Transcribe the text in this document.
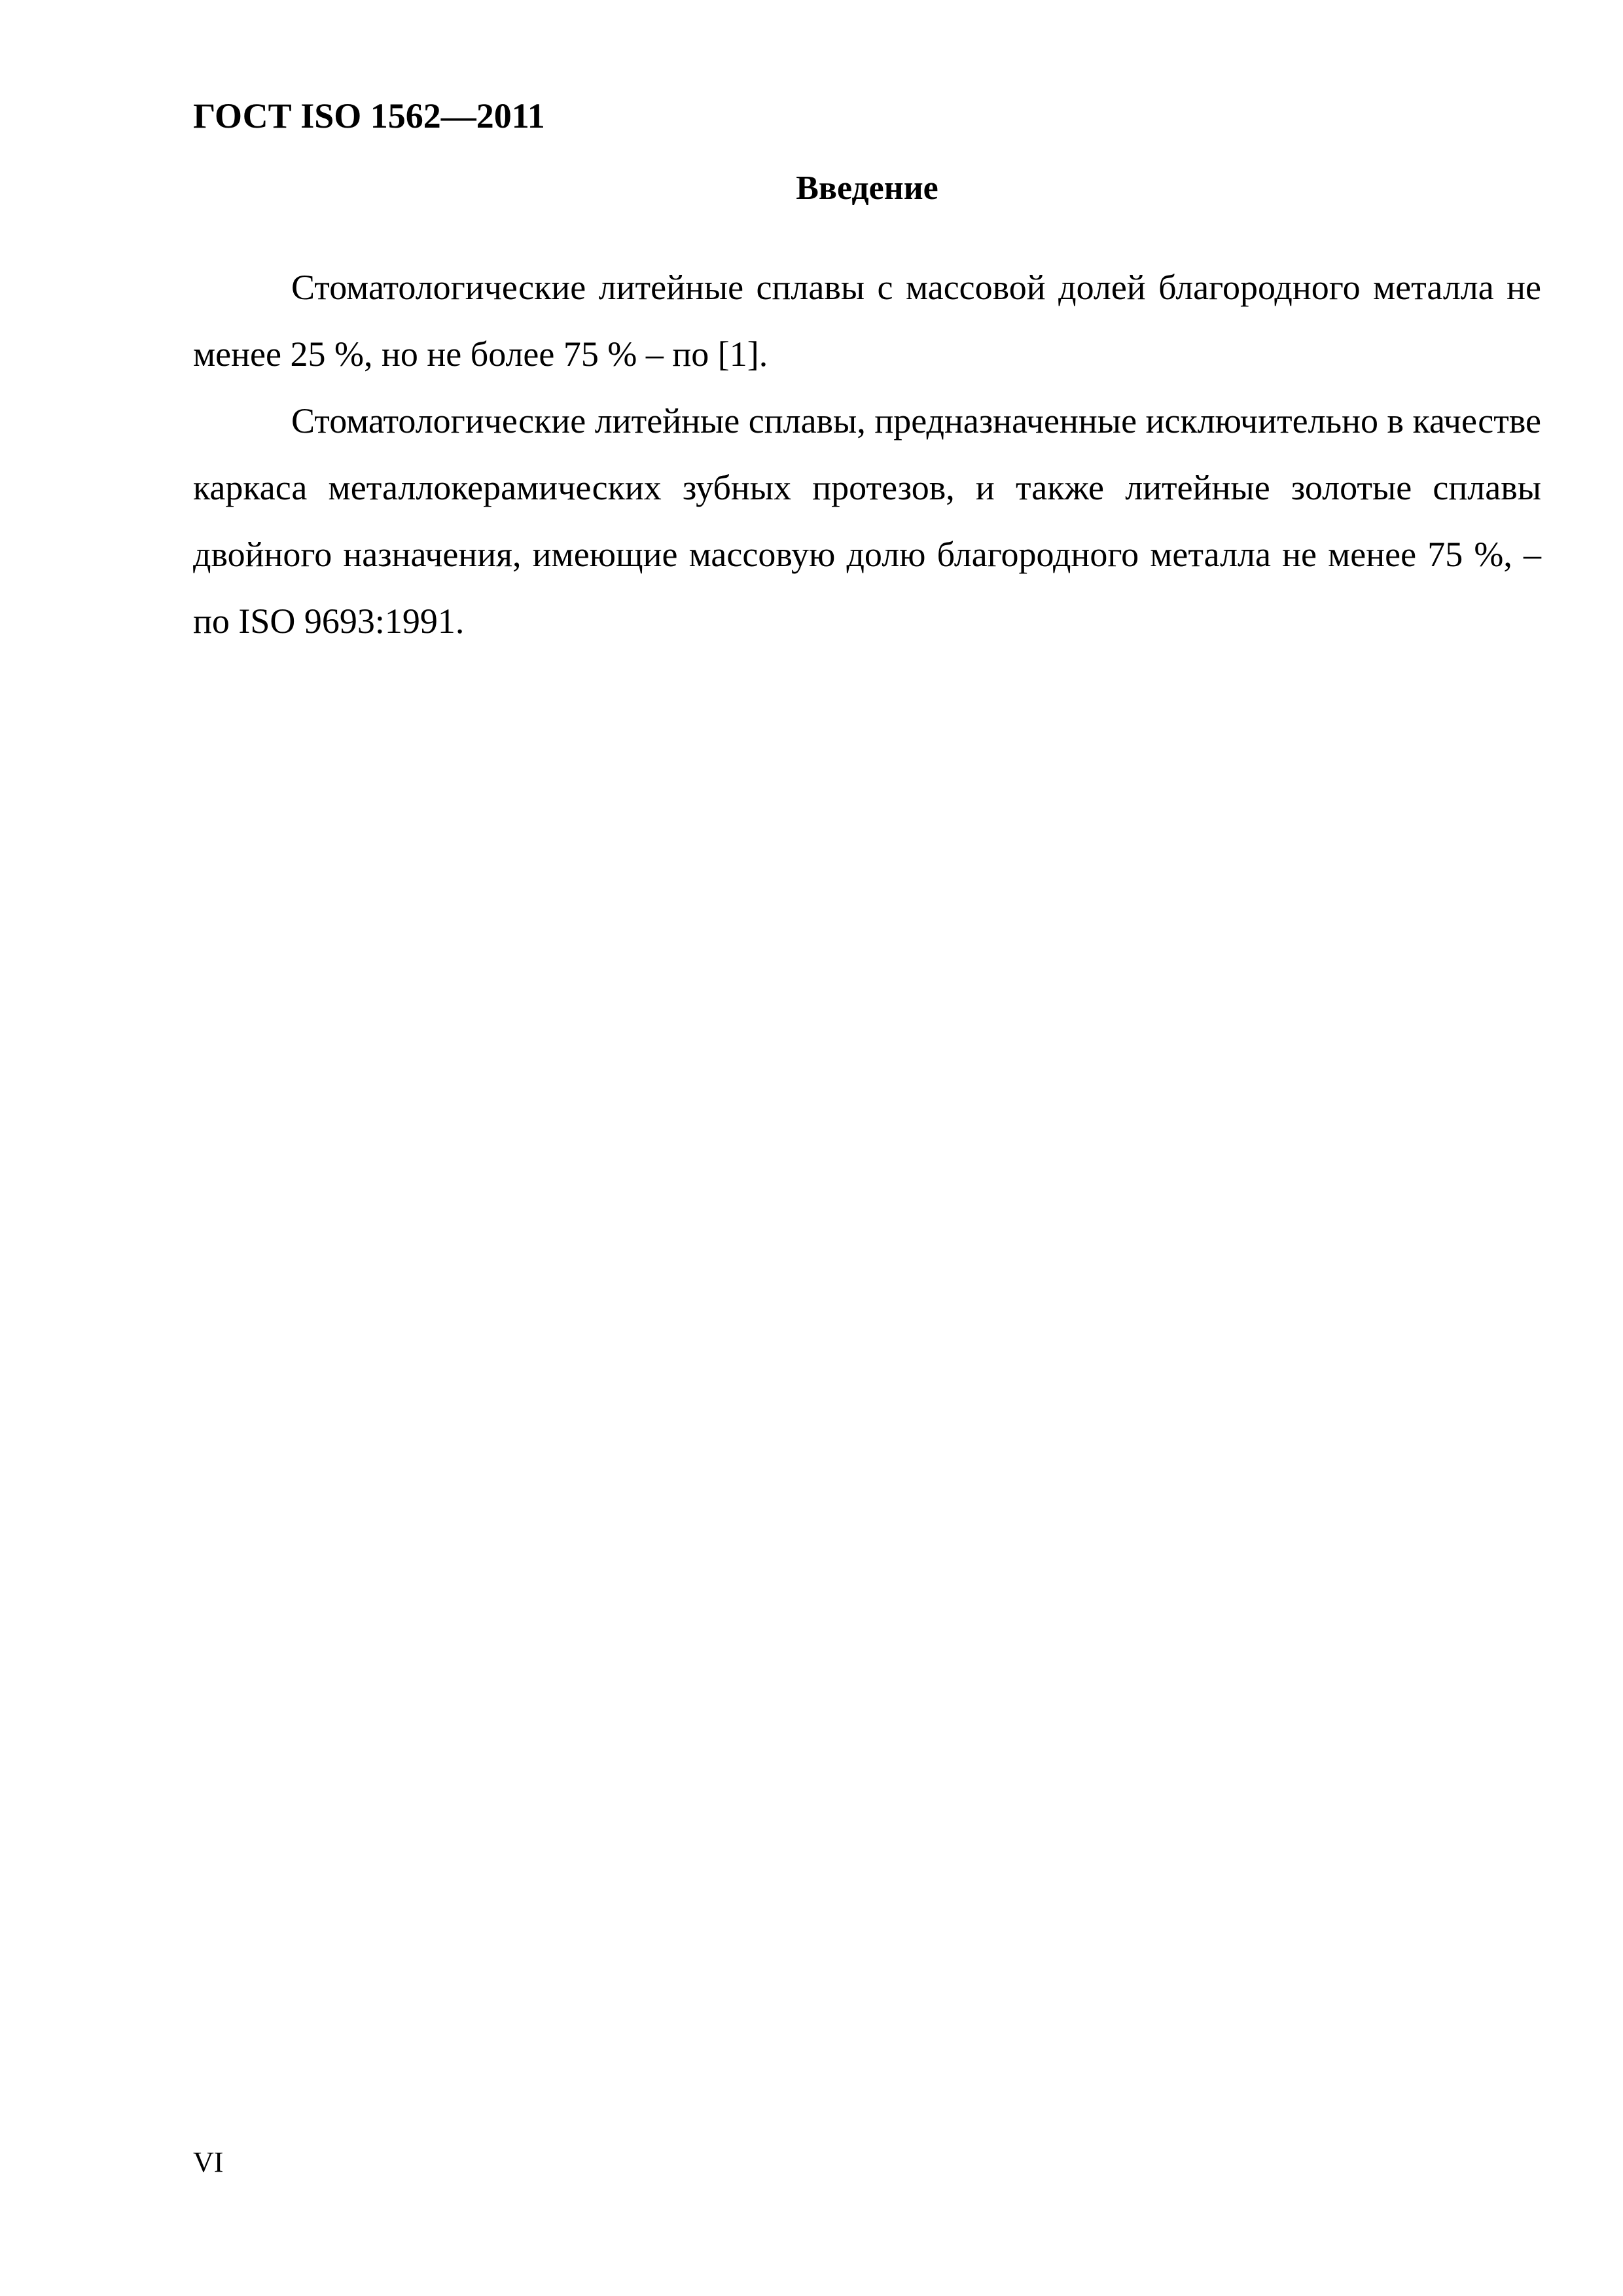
ГОСТ ISO 1562—2011
Введение

Стоматологические литейные сплавы с массовой долей благородного металла не менее 25 %, но не более 75 % – по [1].

Стоматологические литейные сплавы, предназначенные исключительно в качестве каркаса металлокерамических зубных протезов, и также литейные золотые сплавы двойного назначения, имеющие массовую долю благородного металла не менее 75 %, – по ISO 9693:1991.

VI
